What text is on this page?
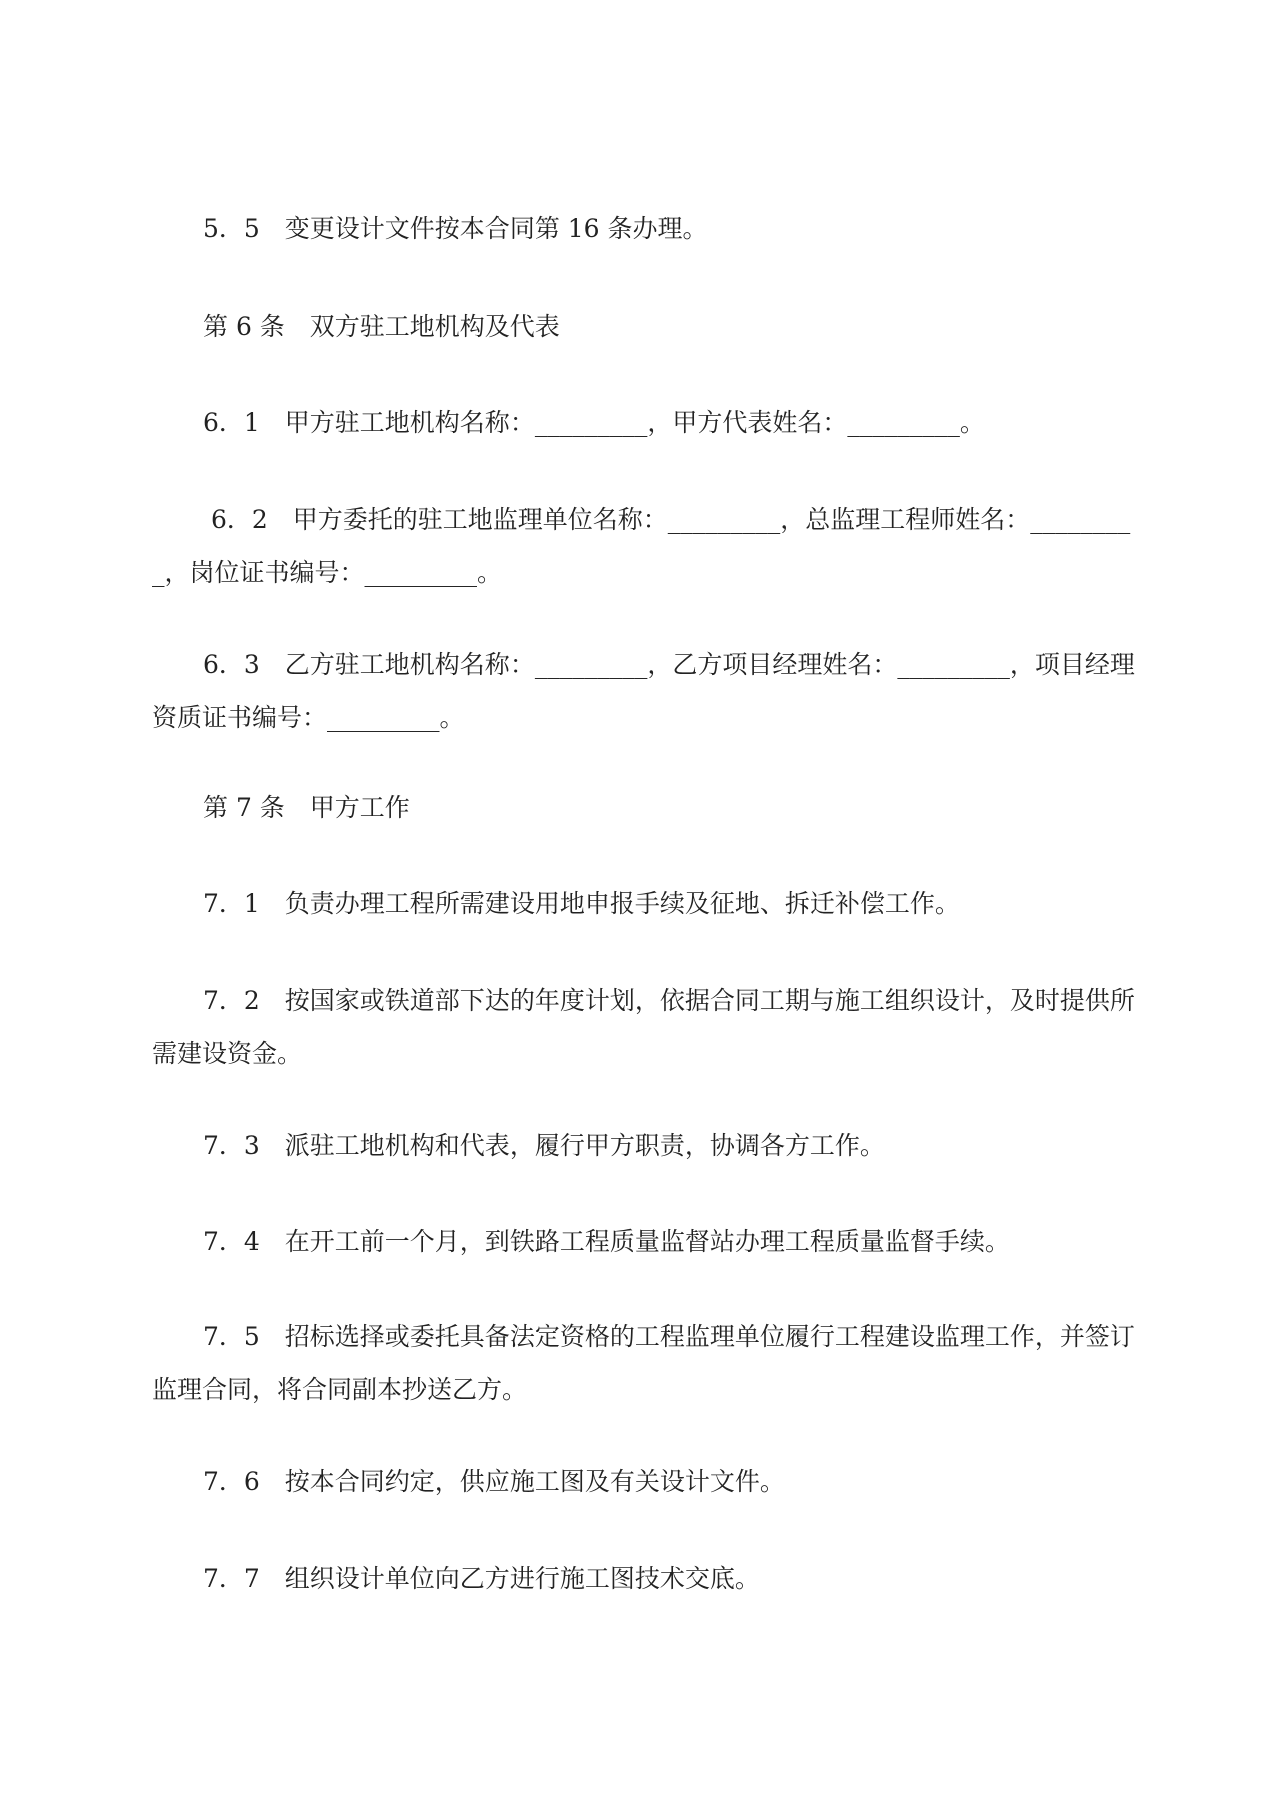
5．5　变更设计文件按本合同第 16 条办理。

第 6 条　双方驻工地机构及代表

6．1　甲方驻工地机构名称：_________，甲方代表姓名：_________。

6．2　甲方委托的驻工地监理单位名称：_________，总监理工程师姓名：_________，岗位证书编号：_________。

6．3　乙方驻工地机构名称：_________，乙方项目经理姓名：_________，项目经理资质证书编号：_________。

第 7 条　甲方工作

7．1　负责办理工程所需建设用地申报手续及征地、拆迁补偿工作。

7．2　按国家或铁道部下达的年度计划，依据合同工期与施工组织设计，及时提供所需建设资金。

7．3　派驻工地机构和代表，履行甲方职责，协调各方工作。

7．4　在开工前一个月，到铁路工程质量监督站办理工程质量监督手续。

7．5　招标选择或委托具备法定资格的工程监理单位履行工程建设监理工作，并签订监理合同，将合同副本抄送乙方。

7．6　按本合同约定，供应施工图及有关设计文件。

7．7　组织设计单位向乙方进行施工图技术交底。
